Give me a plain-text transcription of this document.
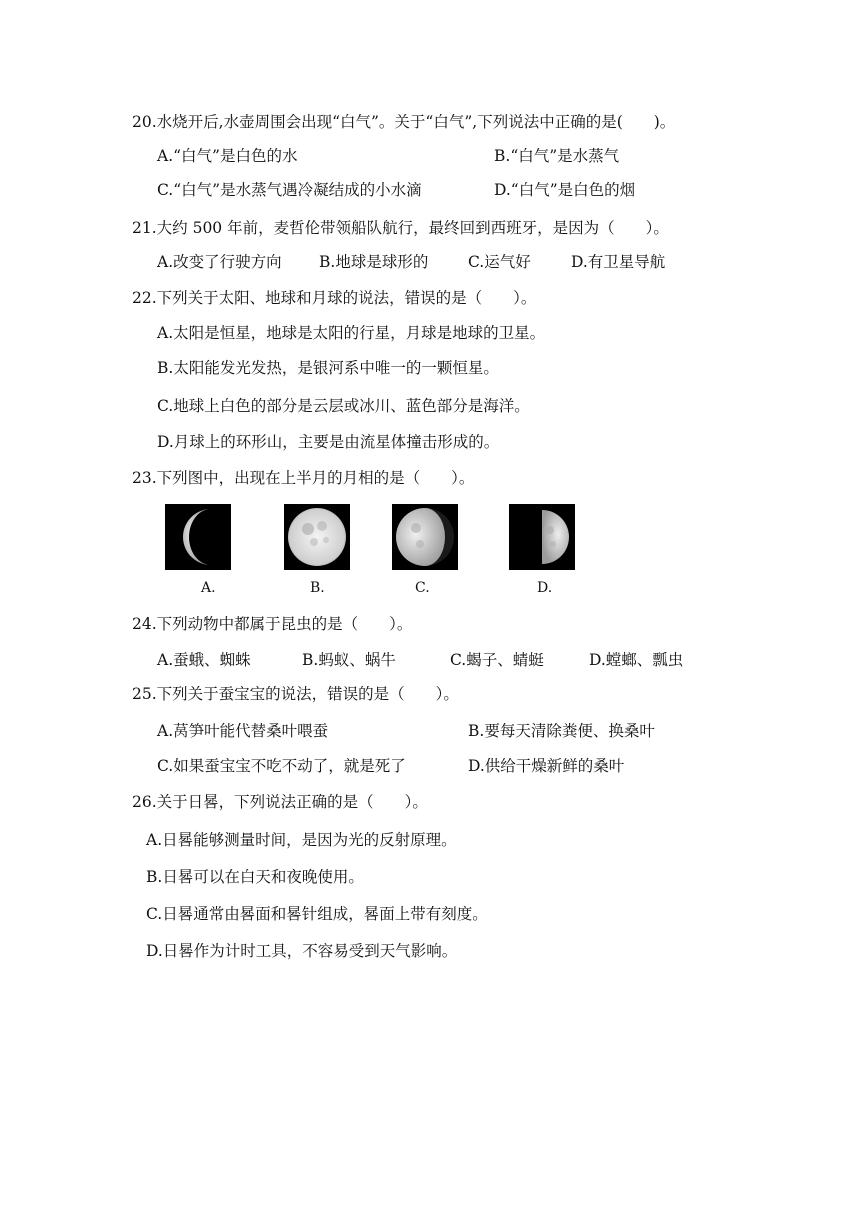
20.水烧开后,水壶周围会出现“白气”。关于“白气”,下列说法中正确的是(　　)。
A.“白气”是白色的水	B.“白气”是水蒸气
C.“白气”是水蒸气遇冷凝结成的小水滴	D.“白气”是白色的烟
21.大约 500 年前，麦哲伦带领船队航行，最终回到西班牙，是因为（　　）。
A.改变了行驶方向 B.地球是球形的	C.运气好	D.有卫星导航
22.下列关于太阳、地球和月球的说法，错误的是（　　）。
A.太阳是恒星，地球是太阳的行星，月球是地球的卫星。
B.太阳能发光发热，是银河系中唯一的一颗恒星。
C.地球上白色的部分是云层或冰川、蓝色部分是海洋。
D.月球上的环形山，主要是由流星体撞击形成的。
23.下列图中，出现在上半月的月相的是（　　）。
A.	B.	C.	D.
24.下列动物中都属于昆虫的是（　　）。
A.蚕蛾、蜘蛛	B.蚂蚁、蜗牛	C.蝎子、蜻蜓	D.螳螂、瓢虫
25.下列关于蚕宝宝的说法，错误的是（　　）。
A.莴笋叶能代替桑叶喂蚕	B.要每天清除粪便、换桑叶
C.如果蚕宝宝不吃不动了，就是死了	D.供给干燥新鲜的桑叶
26.关于日晷，下列说法正确的是（　　）。
A.日晷能够测量时间，是因为光的反射原理。
B.日晷可以在白天和夜晚使用。
C.日晷通常由晷面和晷针组成，晷面上带有刻度。
D.日晷作为计时工具，不容易受到天气影响。
